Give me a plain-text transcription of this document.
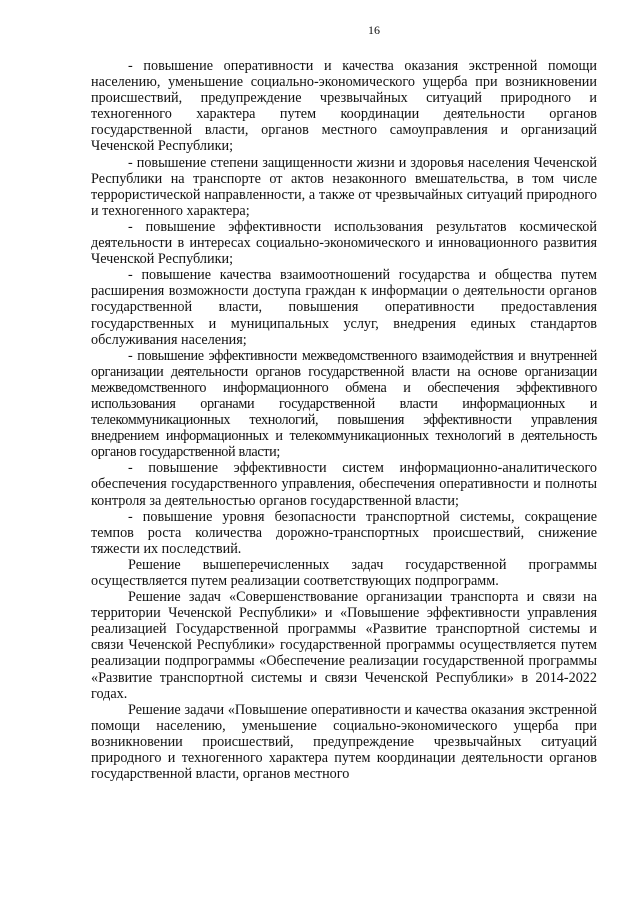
16

- повышение оперативности и качества оказания экстренной помощи населению, уменьшение социально-экономического ущерба при возникновении происшествий, предупреждение чрезвычайных ситуаций природного и техногенного характера путем координации деятельности органов государственной власти, органов местного самоуправления и организаций Чеченской Республики;

- повышение степени защищенности жизни и здоровья населения Чеченской Республики на транспорте от актов незаконного вмешательства, в том числе террористической направленности, а также от чрезвычайных ситуаций природного и техногенного характера;

- повышение эффективности использования результатов космической деятельности в интересах социально-экономического и инновационного развития Чеченской Республики;

- повышение качества взаимоотношений государства и общества путем расширения возможности доступа граждан к информации о деятельности органов государственной власти, повышения оперативности предоставления государственных и муниципальных услуг, внедрения единых стандартов обслуживания населения;

- повышение эффективности межведомственного взаимодействия и внутренней организации деятельности органов государственной власти на основе организации межведомственного информационного обмена и обеспечения эффективного использования органами государственной власти информационных и телекоммуникационных технологий, повышения эффективности управления внедрением информационных и телекоммуникационных технологий в деятельность органов государственной власти;

- повышение эффективности систем информационно-аналитического обеспечения государственного управления, обеспечения оперативности и полноты контроля за деятельностью органов государственной власти;

- повышение уровня безопасности транспортной системы, сокращение темпов роста количества дорожно-транспортных происшествий, снижение тяжести их последствий.

Решение вышеперечисленных задач государственной программы осуществляется путем реализации соответствующих подпрограмм.

Решение задач «Совершенствование организации транспорта и связи на территории Чеченской Республики» и «Повышение эффективности управления реализацией Государственной программы «Развитие транспортной системы и связи Чеченской Республики» государственной программы осуществляется путем реализации подпрограммы «Обеспечение реализации государственной программы «Развитие транспортной системы и связи Чеченской Республики» в 2014-2022 годах.

Решение задачи «Повышение оперативности и качества оказания экстренной помощи населению, уменьшение социально-экономического ущерба при возникновении происшествий, предупреждение чрезвычайных ситуаций природного и техногенного характера путем координации деятельности органов государственной власти, органов местного
